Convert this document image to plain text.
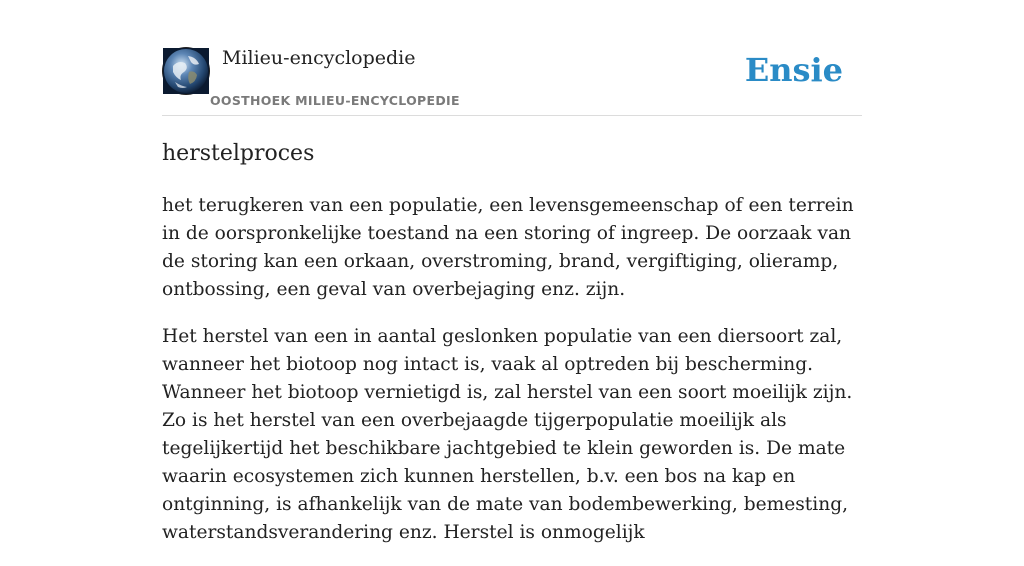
Milieu-encyclopedie
OOSTHOEK MILIEU-ENCYCLOPEDIE
Ensie
herstelproces

het terugkeren van een populatie, een levensgemeenschap of een terrein in de oorspronkelijke toestand na een storing of ingreep. De oorzaak van de storing kan een orkaan, overstroming, brand, vergiftiging, olieramp, ontbossing, een geval van overbejaging enz. zijn.

Het herstel van een in aantal geslonken populatie van een diersoort zal, wanneer het biotoop nog intact is, vaak al optreden bij bescherming. Wanneer het biotoop vernietigd is, zal herstel van een soort moeilijk zijn. Zo is het herstel van een overbejaagde tijgerpopulatie moeilijk als tegelijkertijd het beschikbare jachtgebied te klein geworden is. De mate waarin ecosystemen zich kunnen herstellen, b.v. een bos na kap en ontginning, is afhankelijk van de mate van bodembewerking, bemesting, waterstandsverandering enz. Herstel is onmogelijk
